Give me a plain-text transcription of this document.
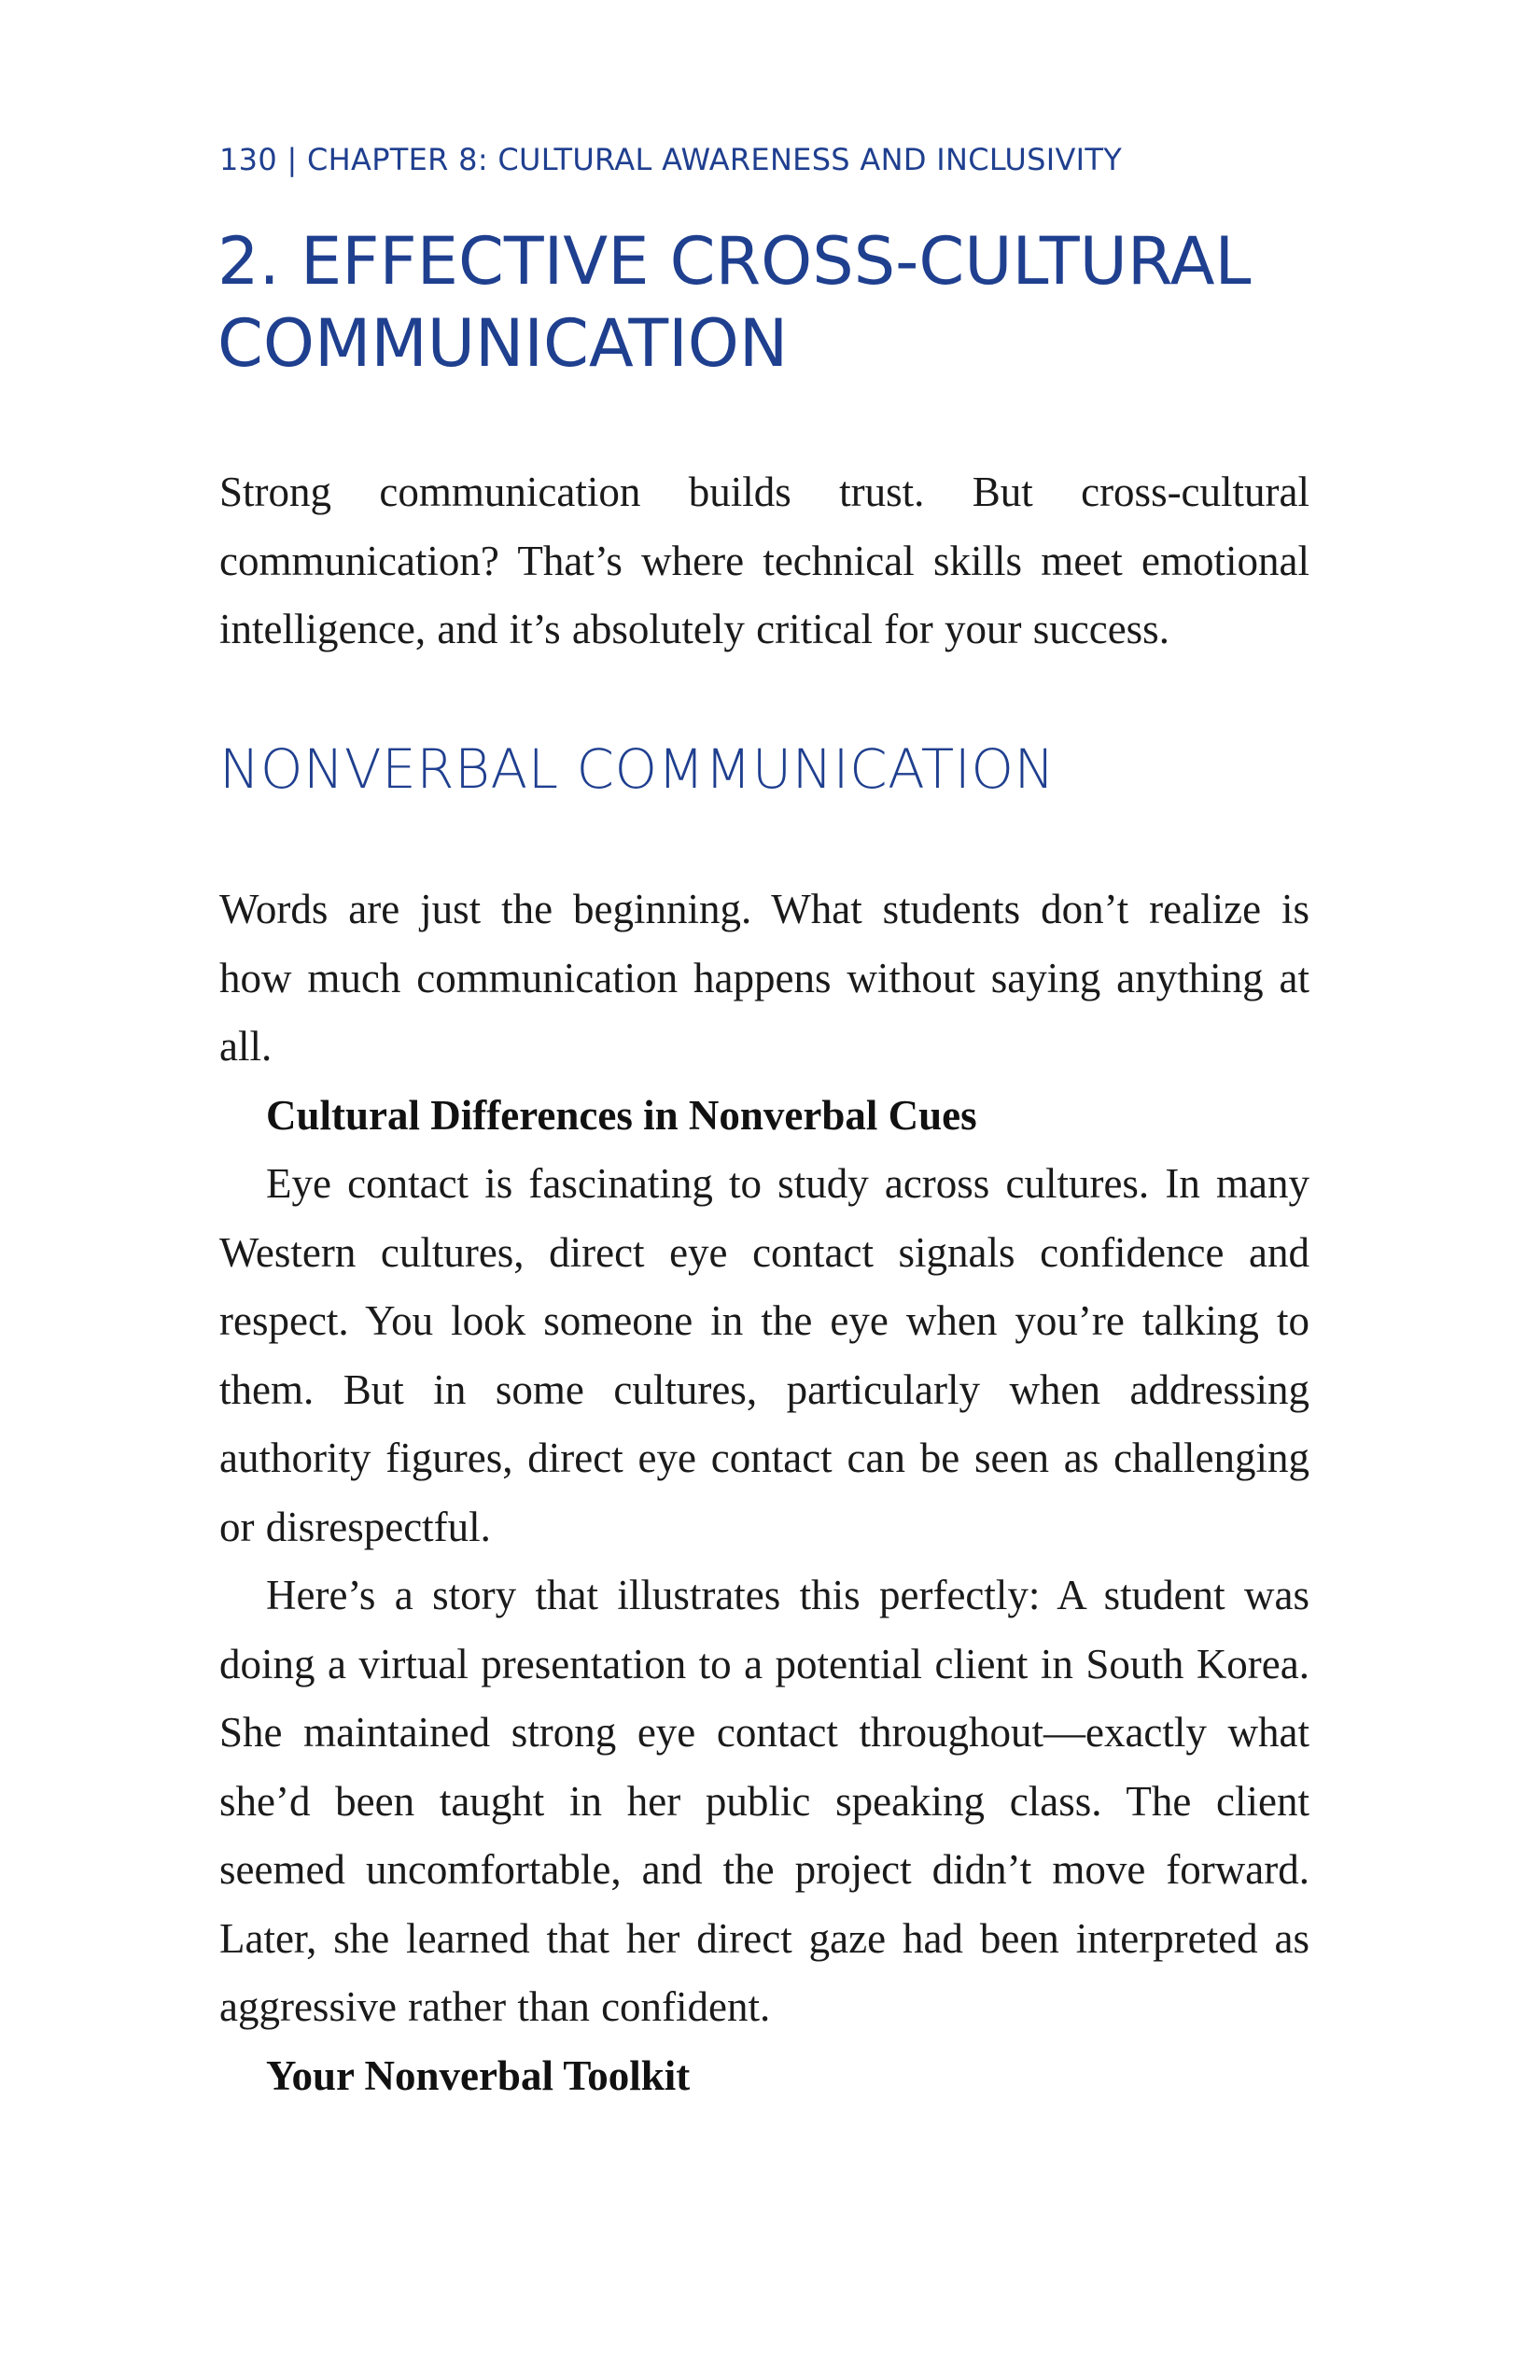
130 | CHAPTER 8: CULTURAL AWARENESS AND INCLUSIVITY
2. EFFECTIVE CROSS-CULTURAL COMMUNICATION

Strong communication builds trust. But cross-cultural communication? That’s where technical skills meet emotional intelligence, and it’s absolutely critical for your success.

NONVERBAL COMMUNICATION

Words are just the beginning. What students don’t realize is how much communication happens without saying anything at all.

Cultural Differences in Nonverbal Cues

Eye contact is fascinating to study across cultures. In many Western cultures, direct eye contact signals confidence and respect. You look someone in the eye when you’re talking to them. But in some cultures, particularly when addressing authority figures, direct eye contact can be seen as challenging or disrespectful.

Here’s a story that illustrates this perfectly: A student was doing a virtual presentation to a potential client in South Korea. She maintained strong eye contact throughout—exactly what she’d been taught in her public speaking class. The client seemed uncomfortable, and the project didn’t move forward. Later, she learned that her direct gaze had been interpreted as aggressive rather than confident.

Your Nonverbal Toolkit
